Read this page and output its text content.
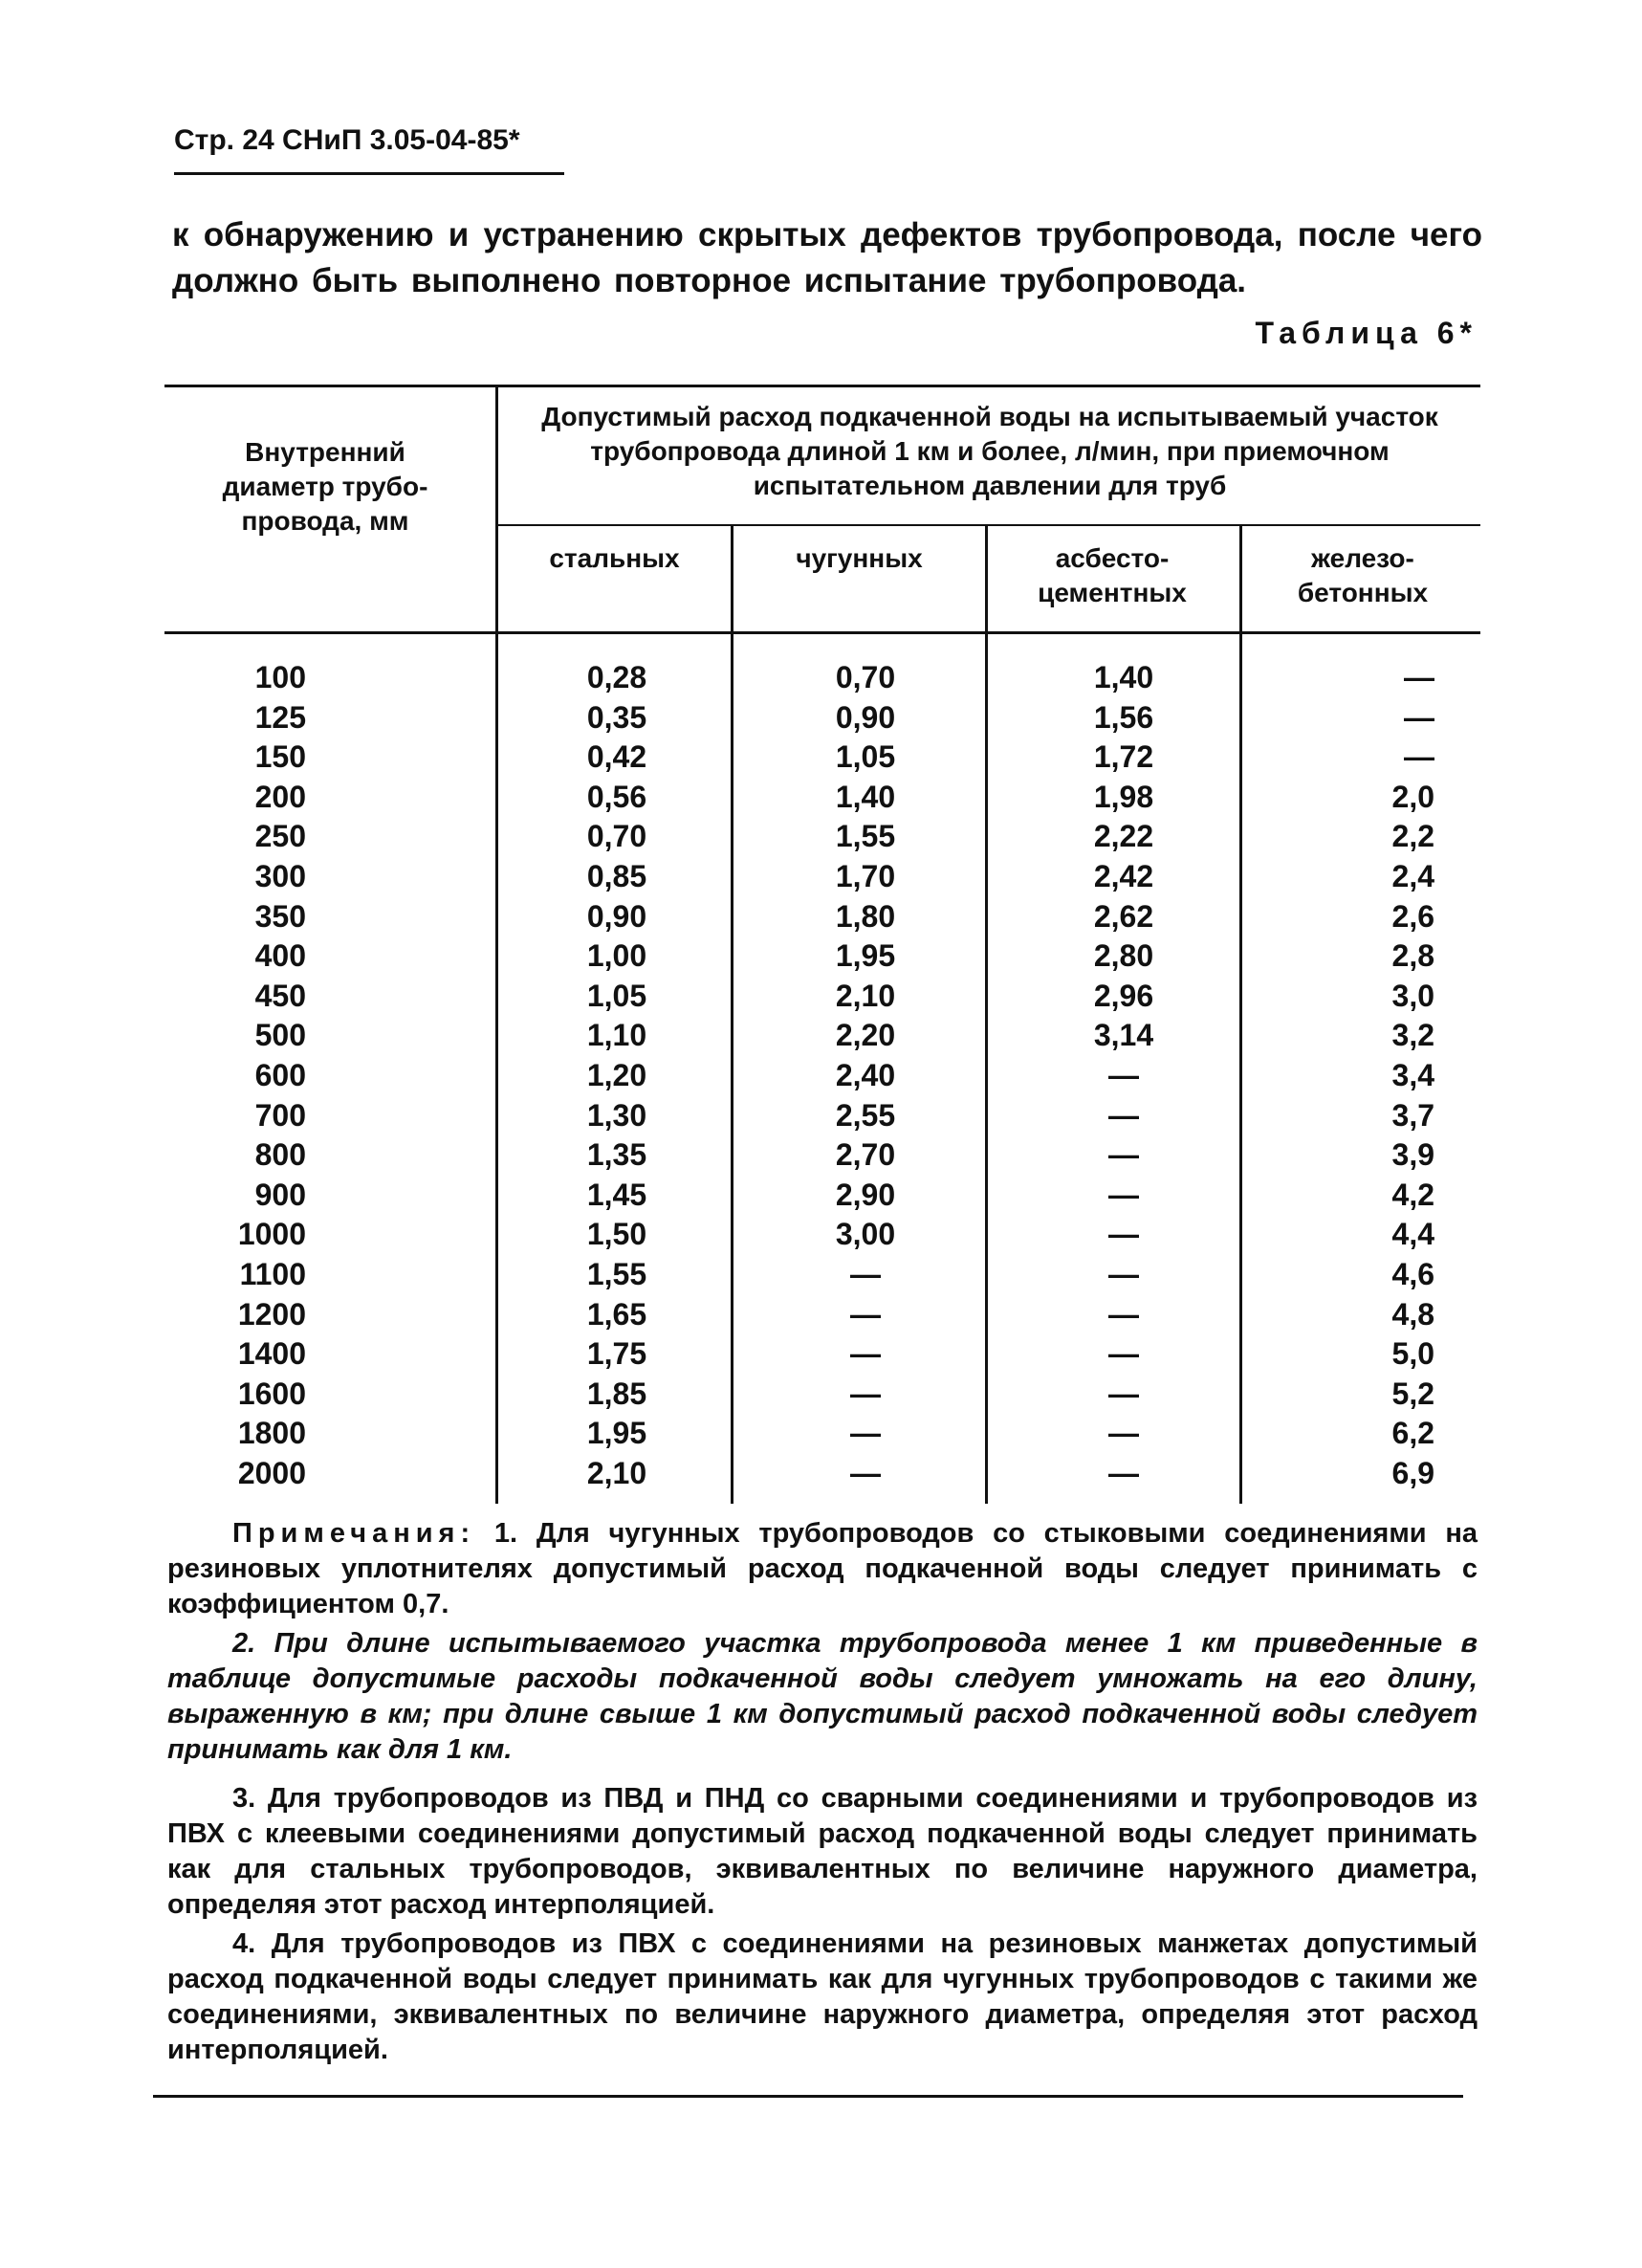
Стр. 24 СНиП 3.05-04-85*
к обнаружению и устранению скрытых дефектов трубопровода, после чего должно быть выполнено повторное испытание трубопровода.
Таблица 6*
Внутренний диаметр трубо-провода, мм
Допустимый расход подкаченной воды на испытываемый участок трубопровода длиной 1 км и более, л/мин, при приемочном испытательном давлении для труб
стальных	чугунных	асбесто-цементных
железо-бетонных
100
125
150
200
250
300
350
400
450
500
600
700
800
900
1000
1100
1200
1400
1600
1800
2000
0,28
0,35
0,42
0,56
0,70
0,85
0,90
1,00
1,05
1,10
1,20
1,30
1,35
1,45
1,50
1,55
1,65
1,75
1,85
1,95
2,10
0,70
0,90
1,05
1,40
1,55
1,70
1,80
1,95
2,10
2,20
2,40
2,55
2,70
2,90
3,00
—
—
—
—
—
—
1,40
1,56
1,72
1,98
2,22
2,42
2,62
2,80
2,96
3,14
—
—
—
—
—
—
—
—
—
—
—
—
—
—
2,0
2,2
2,4
2,6
2,8
3,0
3,2
3,4
3,7
3,9
4,2
4,4
4,6
4,8
5,0
5,2
6,2
6,9

Примечания: 1. Для чугунных трубопроводов со стыковыми соединениями на резиновых уплотнителях допустимый расход подкаченной воды следует принимать с коэффициентом 0,7.

2. При длине испытываемого участка трубопровода менее 1 км приведенные в таблице допустимые расходы подкаченной воды следует умножать на его длину, выраженную в км; при длине свыше 1 км допустимый расход подкаченной воды следует принимать как для 1 км.

3. Для трубопроводов из ПВД и ПНД со сварными соединениями и трубопроводов из ПВХ с клеевыми соединениями допустимый расход подкаченной воды следует принимать как для стальных трубопроводов, эквивалентных по величине наружного диаметра, определяя этот расход интерполяцией.

4. Для трубопроводов из ПВХ с соединениями на резиновых манжетах допустимый расход подкаченной воды следует принимать как для чугунных трубопроводов с такими же соединениями, эквивалентных по величине наружного диаметра, определяя этот расход интерполяцией.
